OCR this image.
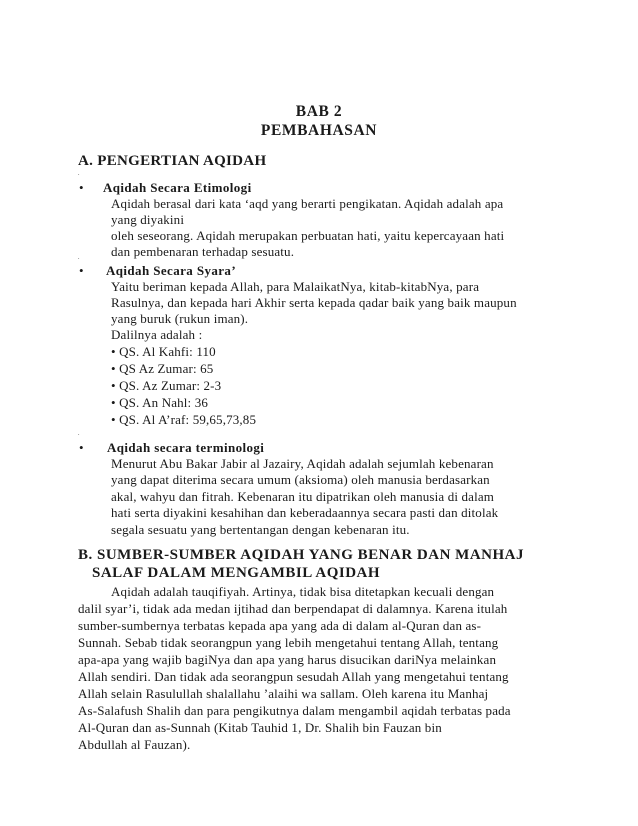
BAB 2
PEMBAHASAN
A. PENGERTIAN AQIDAH
.
• Aqidah Secara Etimologi
Aqidah berasal dari kata ‘aqd yang berarti pengikatan. Aqidah adalah apa
yang diyakini
oleh seseorang. Aqidah merupakan perbuatan hati, yaitu kepercayaan hati
dan pembenaran terhadap sesuatu.
.
• Aqidah Secara Syara’
Yaitu beriman kepada Allah, para MalaikatNya, kitab-kitabNya, para
Rasulnya, dan kepada hari Akhir serta kepada qadar baik yang baik maupun
yang buruk (rukun iman).
Dalilnya adalah :
• QS. Al Kahfi: 110
• QS Az Zumar: 65
• QS. Az Zumar: 2-3
• QS. An Nahl: 36
• QS. Al A’raf: 59,65,73,85
.
• Aqidah secara terminologi
Menurut Abu Bakar Jabir al Jazairy, Aqidah adalah sejumlah kebenaran
yang dapat diterima secara umum (aksioma) oleh manusia berdasarkan
akal, wahyu dan fitrah. Kebenaran itu dipatrikan oleh manusia di dalam
hati serta diyakini kesahihan dan keberadaannya secara pasti dan ditolak
segala sesuatu yang bertentangan dengan kebenaran itu.
B. SUMBER-SUMBER AQIDAH YANG BENAR DAN MANHAJ
SALAF DALAM MENGAMBIL AQIDAH
Aqidah adalah tauqifiyah. Artinya, tidak bisa ditetapkan kecuali dengan
dalil syar’i, tidak ada medan ijtihad dan berpendapat di dalamnya. Karena itulah
sumber-sumbernya terbatas kepada apa yang ada di dalam al-Quran dan as-
Sunnah. Sebab tidak seorangpun yang lebih mengetahui tentang Allah, tentang
apa-apa yang wajib bagiNya dan apa yang harus disucikan dariNya melainkan
Allah sendiri. Dan tidak ada seorangpun sesudah Allah yang mengetahui tentang
Allah selain Rasulullah shalallahu ’alaihi wa sallam. Oleh karena itu Manhaj
As-Salafush Shalih dan para pengikutnya dalam mengambil aqidah terbatas pada
Al-Quran dan as-Sunnah (Kitab Tauhid 1, Dr. Shalih bin Fauzan bin
Abdullah al Fauzan).
